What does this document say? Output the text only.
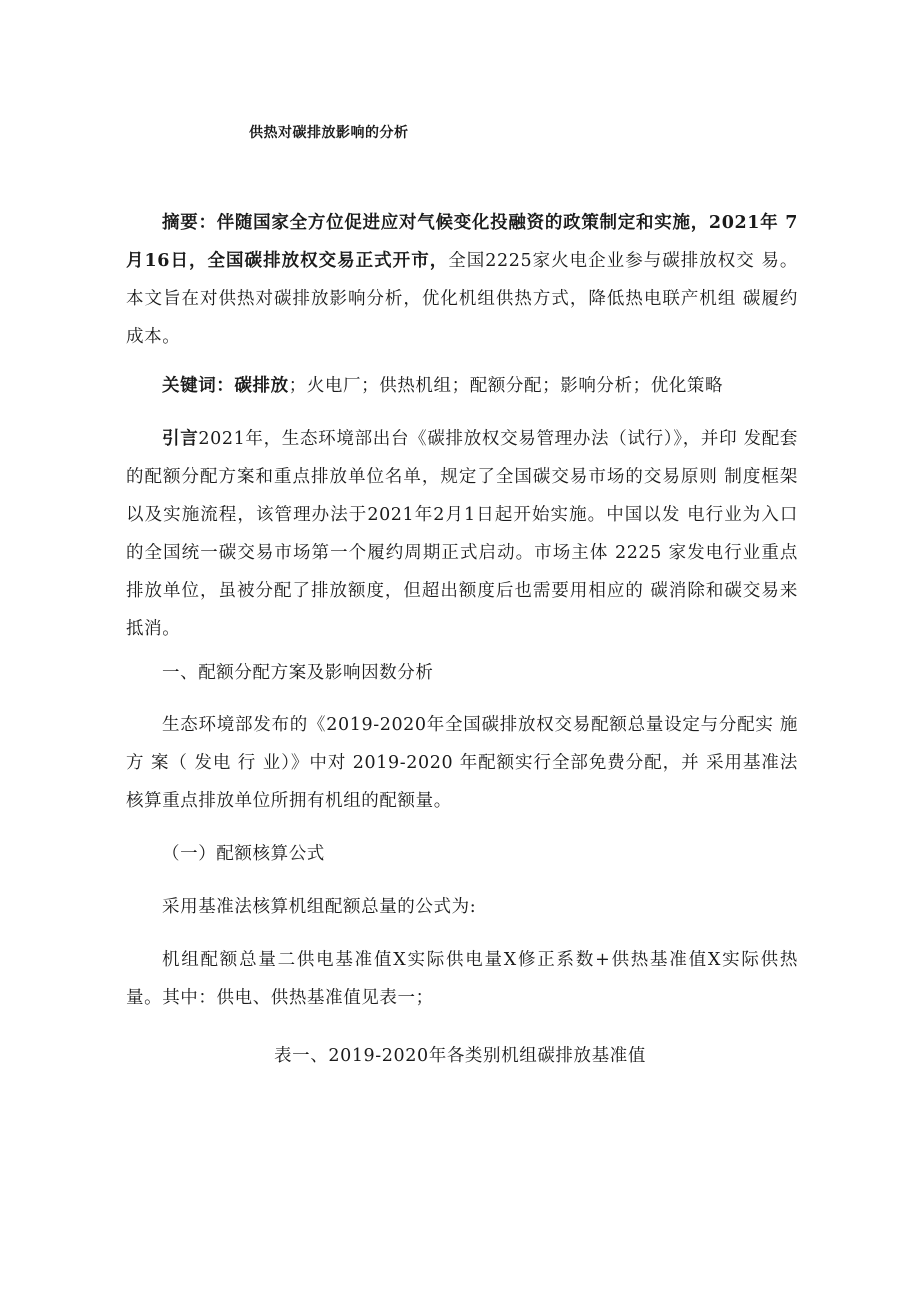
供热对碳排放影响的分析
摘要：伴随国家全方位促进应对气候变化投融资的政策制定和实施，2021年 7月16日，全国碳排放权交易正式开市，全国2225家火电企业参与碳排放权交 易。本文旨在对供热对碳排放影响分析，优化机组供热方式，降低热电联产机组 碳履约成本。
关键词：碳排放；火电厂；供热机组；配额分配；影响分析；优化策略
引言2021年，生态环境部出台《碳排放权交易管理办法（试行）》，并印 发配套的配额分配方案和重点排放单位名单，规定了全国碳交易市场的交易原则 制度框架以及实施流程，该管理办法于2021年2月1日起开始实施。中国以发 电行业为入口的全国统一碳交易市场第一个履约周期正式启动。市场主体 2225 家发电行业重点排放单位，虽被分配了排放额度，但超出额度后也需要用相应的 碳消除和碳交易来抵消。
一、配额分配方案及影响因数分析
生态环境部发布的《2019-2020年全国碳排放权交易配额总量设定与分配实 施方 案（ 发电 行 业）》中对 2019-2020 年配额实行全部免费分配，并 采用基准法核算重点排放单位所拥有机组的配额量。
（一）配额核算公式
采用基准法核算机组配额总量的公式为:
机组配额总量二供电基准值X实际供电量X修正系数+供热基准值X实际供热 量。其中：供电、供热基准值见表一；
表一、2019-2020年各类别机组碳排放基准值
